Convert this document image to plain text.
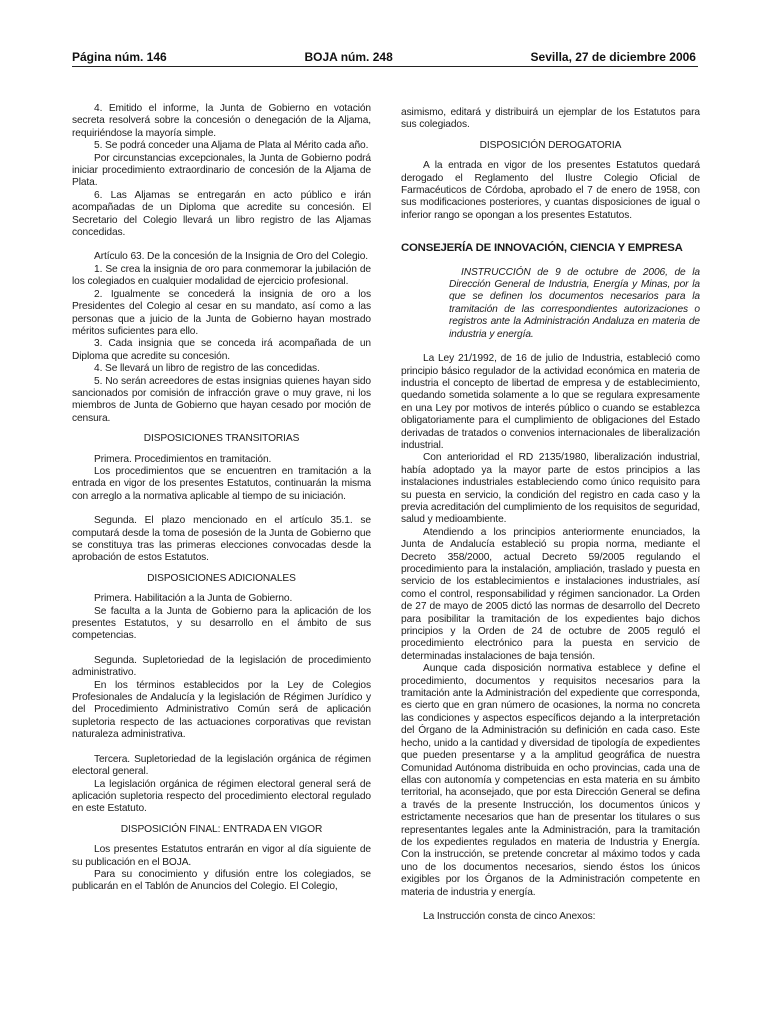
Página núm. 146	BOJA núm. 248	Sevilla, 27 de diciembre 2006

4. Emitido el informe, la Junta de Gobierno en votación secreta resolverá sobre la concesión o denegación de la Aljama, requiriéndose la mayoría simple.

5. Se podrá conceder una Aljama de Plata al Mérito cada año.

Por circunstancias excepcionales, la Junta de Gobierno podrá iniciar procedimiento extraordinario de concesión de la Aljama de Plata.

6. Las Aljamas se entregarán en acto público e irán acompañadas de un Diploma que acredite su concesión. El Secretario del Colegio llevará un libro registro de las Aljamas concedidas.

Artículo 63. De la concesión de la Insignia de Oro del Colegio.

1. Se crea la insignia de oro para conmemorar la jubilación de los colegiados en cualquier modalidad de ejercicio profesional.

2. Igualmente se concederá la insignia de oro a los Presidentes del Colegio al cesar en su mandato, así como a las personas que a juicio de la Junta de Gobierno hayan mostrado méritos suficientes para ello.

3. Cada insignia que se conceda irá acompañada de un Diploma que acredite su concesión.

4. Se llevará un libro de registro de las concedidas.

5. No serán acreedores de estas insignias quienes hayan sido sancionados por comisión de infracción grave o muy grave, ni los miembros de Junta de Gobierno que hayan cesado por moción de censura.

DISPOSICIONES TRANSITORIAS

Primera. Procedimientos en tramitación.

Los procedimientos que se encuentren en tramitación a la entrada en vigor de los presentes Estatutos, continuarán la misma con arreglo a la normativa aplicable al tiempo de su iniciación.

Segunda. El plazo mencionado en el artículo 35.1. se computará desde la toma de posesión de la Junta de Gobierno que se constituya tras las primeras elecciones convocadas desde la aprobación de estos Estatutos.

DISPOSICIONES ADICIONALES

Primera. Habilitación a la Junta de Gobierno.

Se faculta a la Junta de Gobierno para la aplicación de los presentes Estatutos, y su desarrollo en el ámbito de sus competencias.

Segunda. Supletoriedad de la legislación de procedimiento administrativo.

En los términos establecidos por la Ley de Colegios Profesionales de Andalucía y la legislación de Régimen Jurídico y del Procedimiento Administrativo Común será de aplicación supletoria respecto de las actuaciones corporativas que revistan naturaleza administrativa.

Tercera. Supletoriedad de la legislación orgánica de régimen electoral general.

La legislación orgánica de régimen electoral general será de aplicación supletoria respecto del procedimiento electoral regulado en este Estatuto.

DISPOSICIÓN FINAL: ENTRADA EN VIGOR

Los presentes Estatutos entrarán en vigor al día siguiente de su publicación en el BOJA.

Para su conocimiento y difusión entre los colegiados, se publicarán en el Tablón de Anuncios del Colegio. El Colegio,

asimismo, editará y distribuirá un ejemplar de los Estatutos para sus colegiados.

DISPOSICIÓN DEROGATORIA

A la entrada en vigor de los presentes Estatutos quedará derogado el Reglamento del Ilustre Colegio Oficial de Farmacéuticos de Córdoba, aprobado el 7 de enero de 1958, con sus modificaciones posteriores, y cuantas disposiciones de igual o inferior rango se opongan a los presentes Estatutos.

CONSEJERÍA DE INNOVACIÓN, CIENCIA Y EMPRESA

INSTRUCCIÓN de 9 de octubre de 2006, de la Dirección General de Industria, Energía y Minas, por la que se definen los documentos necesarios para la tramitación de las correspondientes autorizaciones o registros ante la Administración Andaluza en materia de industria y energía.

La Ley 21/1992, de 16 de julio de Industria, estableció como principio básico regulador de la actividad económica en materia de industria el concepto de libertad de empresa y de establecimiento, quedando sometida solamente a lo que se regulara expresamente en una Ley por motivos de interés público o cuando se establezca obligatoriamente para el cumplimiento de obligaciones del Estado derivadas de tratados o convenios internacionales de liberalización industrial.

Con anterioridad el RD 2135/1980, liberalización industrial, había adoptado ya la mayor parte de estos principios a las instalaciones industriales estableciendo como único requisito para su puesta en servicio, la condición del registro en cada caso y la previa acreditación del cumplimiento de los requisitos de seguridad, salud y medioambiente.

Atendiendo a los principios anteriormente enunciados, la Junta de Andalucía estableció su propia norma, mediante el Decreto 358/2000, actual Decreto 59/2005 regulando el procedimiento para la instalación, ampliación, traslado y puesta en servicio de los establecimientos e instalaciones industriales, así como el control, responsabilidad y régimen sancionador. La Orden de 27 de mayo de 2005 dictó las normas de desarrollo del Decreto para posibilitar la tramitación de los expedientes bajo dichos principios y la Orden de 24 de octubre de 2005 reguló el procedimiento electrónico para la puesta en servicio de determinadas instalaciones de baja tensión.

Aunque cada disposición normativa establece y define el procedimiento, documentos y requisitos necesarios para la tramitación ante la Administración del expediente que corresponda, es cierto que en gran número de ocasiones, la norma no concreta las condiciones y aspectos específicos dejando a la interpretación del Órgano de la Administración su definición en cada caso. Este hecho, unido a la cantidad y diversidad de tipología de expedientes que pueden presentarse y a la amplitud geográfica de nuestra Comunidad Autónoma distribuida en ocho provincias, cada una de ellas con autonomía y competencias en esta materia en su ámbito territorial, ha aconsejado, que por esta Dirección General se defina a través de la presente Instrucción, los documentos únicos y estrictamente necesarios que han de presentar los titulares o sus representantes legales ante la Administración, para la tramitación de los expedientes regulados en materia de Industria y Energía. Con la instrucción, se pretende concretar al máximo todos y cada uno de los documentos necesarios, siendo éstos los únicos exigibles por los Órganos de la Administración competente en materia de industria y energía.

La Instrucción consta de cinco Anexos:
